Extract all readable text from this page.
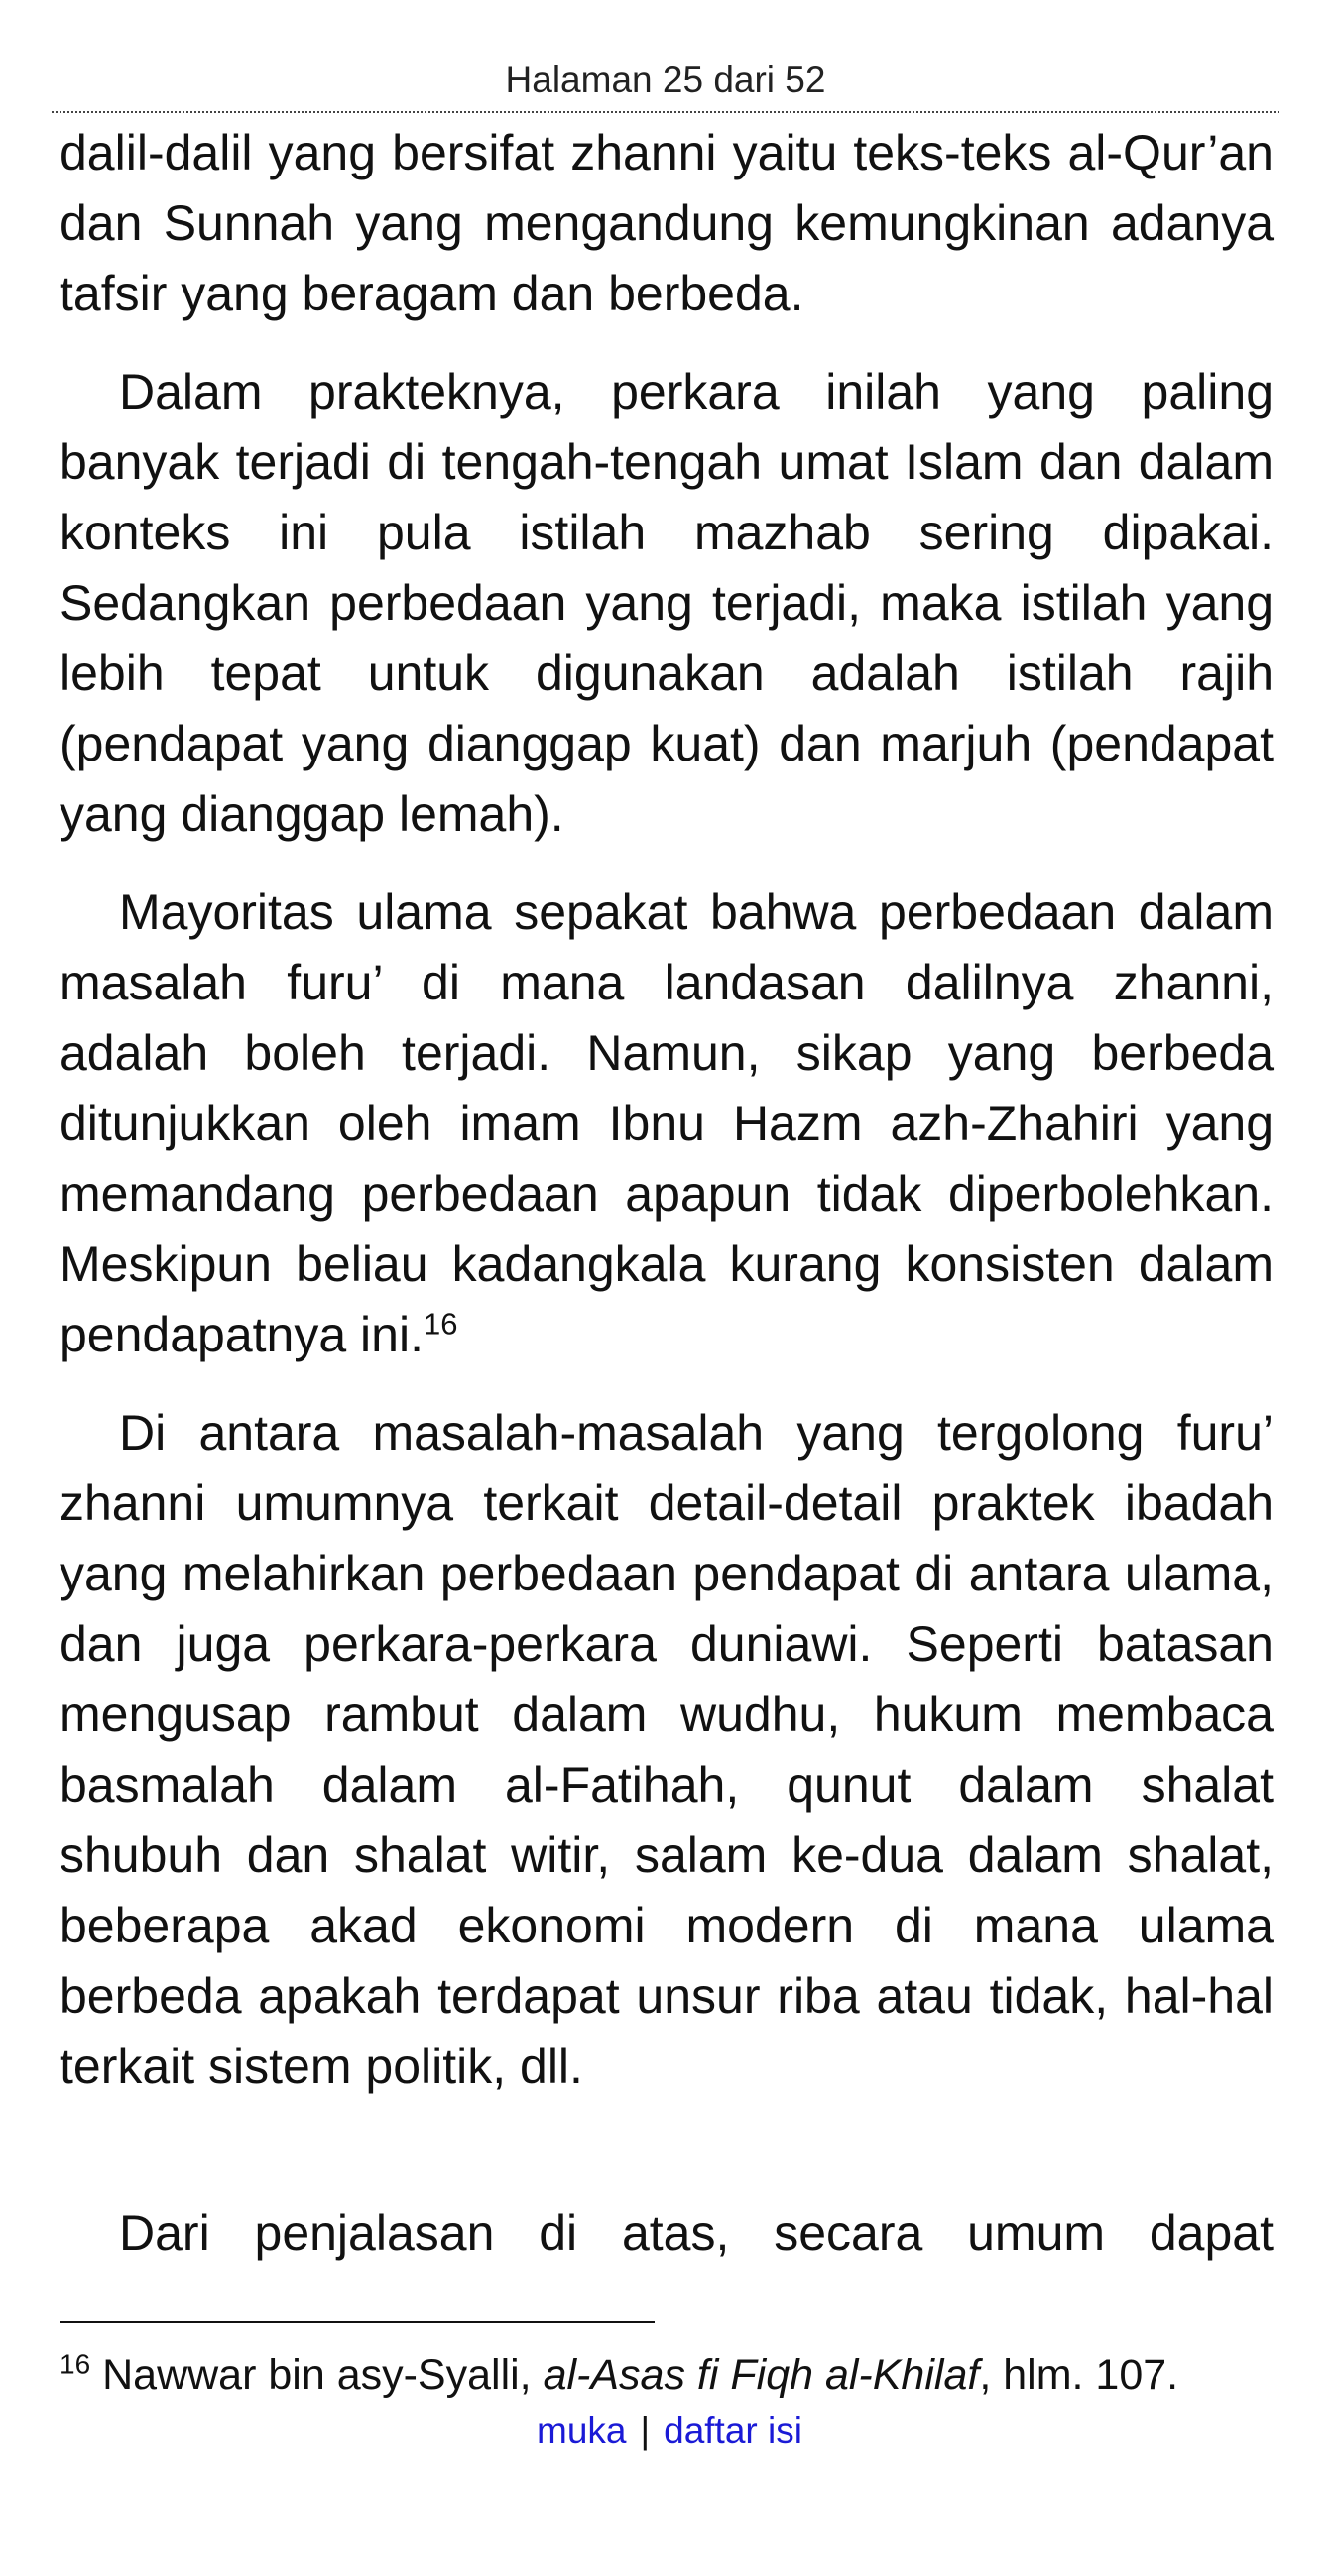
Halaman 25 dari 52

dalil-dalil yang bersifat zhanni yaitu teks-teks al-Qur’an dan Sunnah yang mengandung kemungkinan adanya tafsir yang beragam dan berbeda.

Dalam prakteknya, perkara inilah yang paling banyak terjadi di tengah-tengah umat Islam dan dalam konteks ini pula istilah mazhab sering dipakai. Sedangkan perbedaan yang terjadi, maka istilah yang lebih tepat untuk digunakan adalah istilah rajih (pendapat yang dianggap kuat) dan marjuh (pendapat yang dianggap lemah).

Mayoritas ulama sepakat bahwa perbedaan dalam masalah furu’ di mana landasan dalilnya zhanni, adalah boleh terjadi. Namun, sikap yang berbeda ditunjukkan oleh imam Ibnu Hazm azh-Zhahiri yang memandang perbedaan apapun tidak diperbolehkan. Meskipun beliau kadangkala kurang konsisten dalam pendapatnya ini.$^{16}$

Di antara masalah-masalah yang tergolong furu’ zhanni umumnya terkait detail-detail praktek ibadah yang melahirkan perbedaan pendapat di antara ulama, dan juga perkara-perkara duniawi. Seperti batasan mengusap rambut dalam wudhu, hukum membaca basmalah dalam al-Fatihah, qunut dalam shalat shubuh dan shalat witir, salam ke-dua dalam shalat, beberapa akad ekonomi modern di mana ulama berbeda apakah terdapat unsur riba atau tidak, hal-hal terkait sistem politik, dll.

Dari penjalasan di atas, secara umum dapat

$^{16}$ Nawwar bin asy-Syalli, al-Asas fi Fiqh al-Khilaf, hlm. 107.
muka | daftar isi
